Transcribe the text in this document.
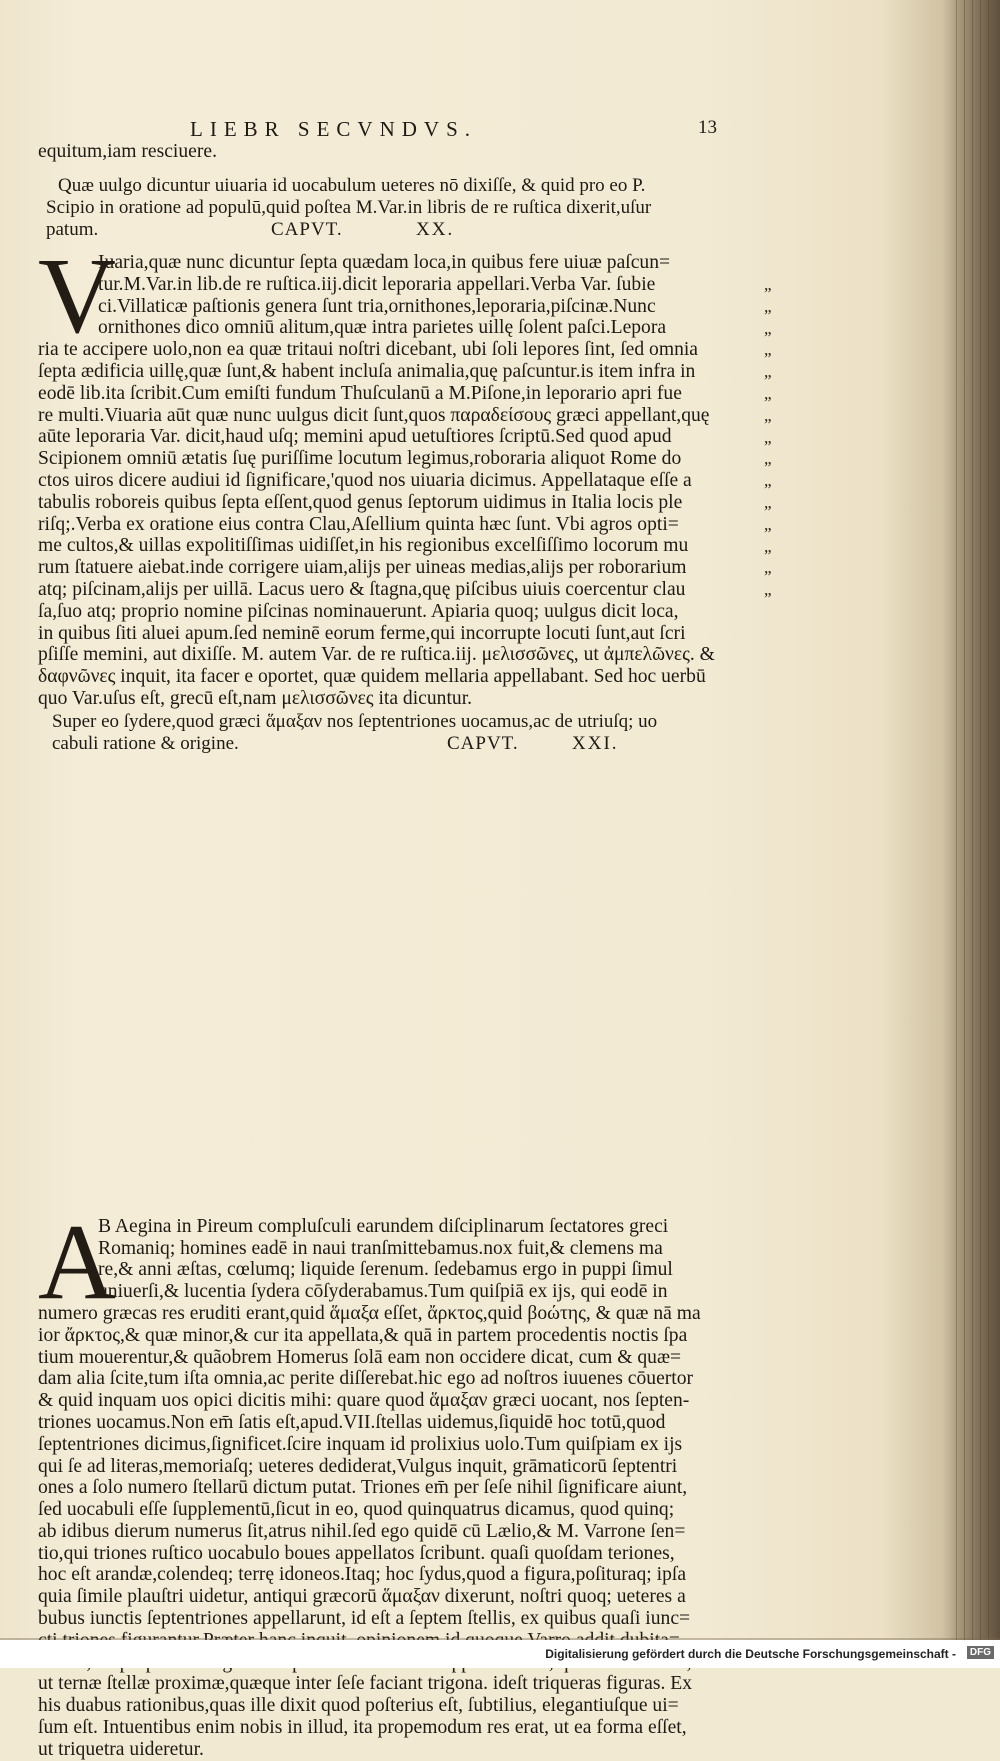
LIEBR SECVNDVS.	13
equitum,iam resciuere.
Quæ uulgo dicuntur uiuaria id uocabulum ueteres nō dixiſſe, & quid pro eo P.
Scipio in oratione ad populū,quid poſtea M.Var.in libris de re ruſtica dixerit,uſur
patum.	CAPVT.	XX.
V
Iuaria,quæ nunc dicuntur ſepta quædam loca,in quibus fere uiuæ paſcun=
tur.M.Var.in lib.de re ruſtica.iij.dicit leporaria appellari.Verba Var. ſubie
ci.Villaticæ paſtionis genera ſunt tria,ornithones,leporaria,piſcinæ.Nunc
ornithones dico omniū alitum,quæ intra parietes uillę ſolent paſci.Lepora
ria te accipere uolo,non ea quæ tritaui noſtri dicebant, ubi ſoli lepores ſint, ſed omnia
ſepta ædificia uillę,quæ ſunt,& habent incluſa animalia,quę paſcuntur.is item infra in
eodē lib.ita ſcribit.Cum emiſti fundum Thuſculanū a M.Piſone,in leporario apri fue
re multi.Viuaria aūt quæ nunc uulgus dicit ſunt,quos παραδείσους græci appellant,quę
aūte leporaria Var. dicit,haud uſq; memini apud uetuſtiores ſcriptū.Sed quod apud
Scipionem omniū ætatis ſuę puriſſime locutum legimus,roboraria aliquot Rome do
ctos uiros dicere audiui id ſignificare,'quod nos uiuaria dicimus. Appellataque eſſe a
tabulis roboreis quibus ſepta eſſent,quod genus ſeptorum uidimus in Italia locis ple
riſq;.Verba ex oratione eius contra Clau,Aſellium quinta hæc ſunt. Vbi agros opti=
me cultos,& uillas expolitiſſimas uidiſſet,in his regionibus excelſiſſimo locorum mu
rum ſtatuere aiebat.inde corrigere uiam,alijs per uineas medias,alijs per roborarium
atq; piſcinam,alijs per uillā. Lacus uero & ſtagna,quę piſcibus uiuis coercentur clau
ſa,ſuo atq; proprio nomine piſcinas nominauerunt. Apiaria quoq; uulgus dicit loca,
in quibus ſiti aluei apum.ſed neminē eorum ferme,qui incorrupte locuti ſunt,aut ſcri
pſiſſe memini, aut dixiſſe. M. autem Var. de re ruſtica.iij. μελισσῶνες, ut ἀμπελῶνες. &
δαφνῶνες inquit, ita facer e oportet, quæ quidem mellaria appellabant. Sed hoc uerbū
quo Var.uſus eſt, grecū eſt,nam μελισσῶνες ita dicuntur.
„
„
„
„
„
„
„
„
„
„
„
„
„
„
„
Super eo ſydere,quod græci ἅμαξαν nos ſeptentriones uocamus,ac de utriuſq; uo
cabuli ratione & origine.	CAPVT.	XXI.
A
B Aegina in Pireum compluſculi earundem diſciplinarum ſectatores greci
Romaniq; homines eadē in naui tranſmittebamus.nox fuit,& clemens ma
re,& anni æſtas, cœlumq; liquide ſerenum. ſedebamus ergo in puppi ſimul
uniuerſi,& lucentia ſydera cōſyderabamus.Tum quiſpiā ex ijs, qui eodē in
numero græcas res eruditi erant,quid ἅμαξα eſſet, ἄρκτος,quid βοώτης, & quæ nā ma
ior ἄρκτος,& quæ minor,& cur ita appellata,& quā in partem procedentis noctis ſpa
tium mouerentur,& quãobrem Homerus ſolā eam non occidere dicat, cum & quæ=
dam alia ſcite,tum iſta omnia,ac perite diſſerebat.hic ego ad noſtros iuuenes cōuertor
& quid inquam uos opici dicitis mihi: quare quod ἅμαξαν græci uocant, nos ſepten-
triones uocamus.Non em̄ ſatis eſt,apud.VII.ſtellas uidemus,ſiquidē hoc totū,quod
ſeptentriones dicimus,ſignificet.ſcire inquam id prolixius uolo.Tum quiſpiam ex ijs
qui ſe ad literas,memoriaſq; ueteres dediderat,Vulgus inquit, grāmaticorū ſeptentri
ones a ſolo numero ſtellarū dictum putat. Triones em̄ per ſeſe nihil ſignificare aiunt,
ſed uocabuli eſſe ſupplementū,ſicut in eo, quod quinquatrus dicamus, quod quinq;
ab idibus dierum numerus ſit,atrus nihil.ſed ego quidē cū Lælio,& M. Varrone ſen=
tio,qui triones ruſtico uocabulo boues appellatos ſcribunt. quaſi quoſdam teriones,
hoc eſt arandæ,colendeq; terrę idoneos.Itaq; hoc ſydus,quod a figura,poſituraq; ipſa
quia ſimile plauſtri uidetur, antiqui græcorū ἅμαξαν dixerunt, noſtri quoq; ueteres a
bubus iunctis ſeptentriones appellarunt, id eſt a ſeptem ſtellis, ex quibus quaſi iunc=
ut ternæ ſtellæ proximæ,quæque inter ſeſe faciant trigona. ideſt triqueras figuras. Ex
his duabus rationibus,quas ille dixit quod poſterius eſt, ſubtilius, elegantiuſque ui=
ſum eſt. Intuentibus enim nobis in illud, ita propemodum res erat, ut ea forma eſſet,
ut triquetra uideretur.
Digitalisierung gefördert durch die Deutsche Forschungsgemeinschaft -	DFG
